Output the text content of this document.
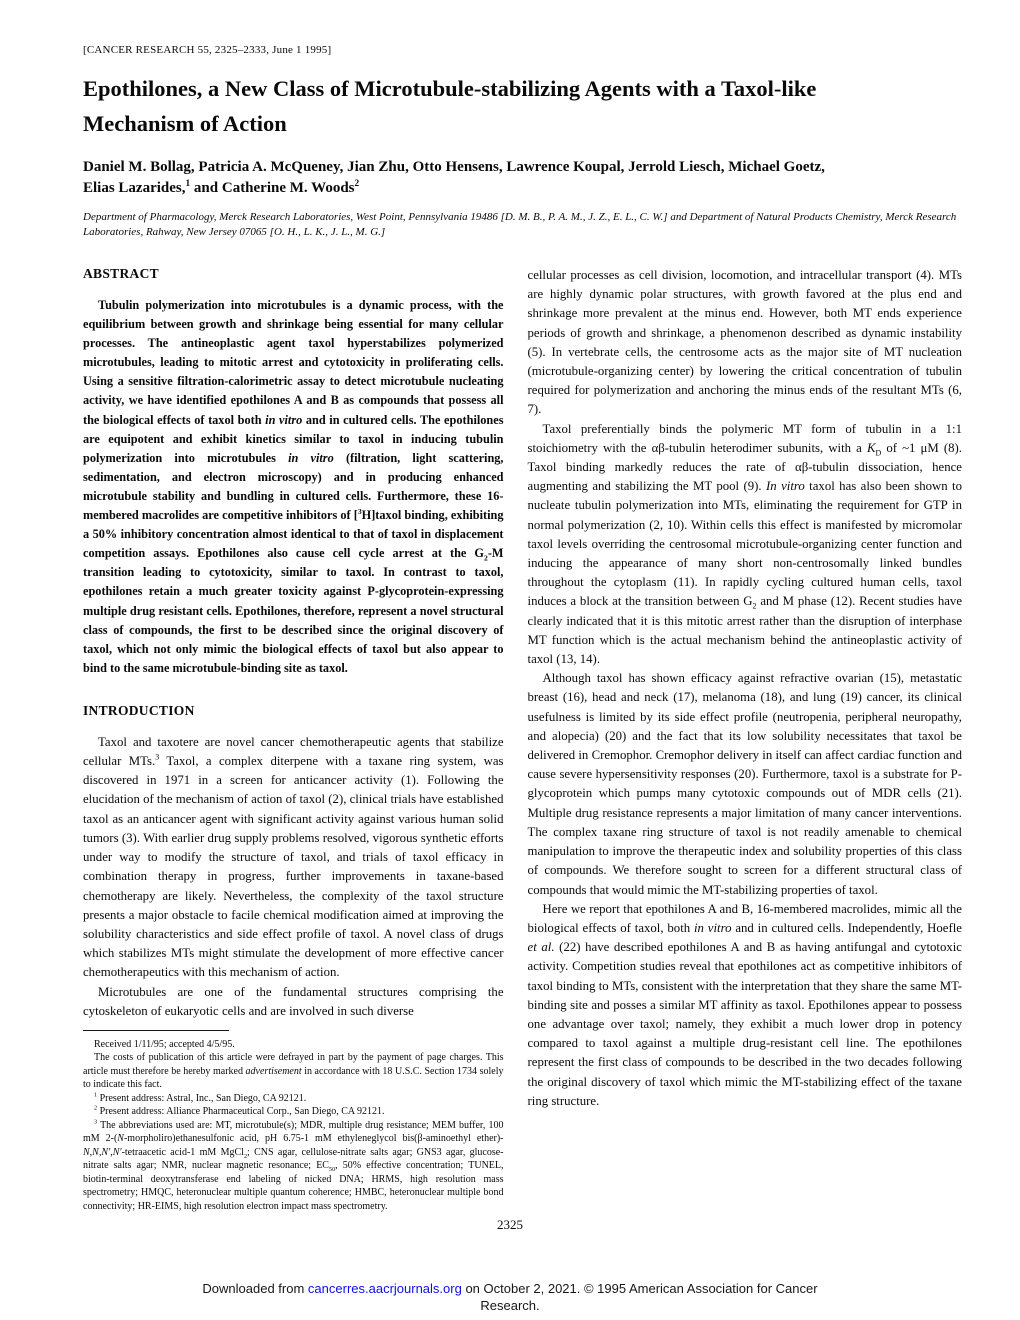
[CANCER RESEARCH 55, 2325–2333, June 1 1995]
Epothilones, a New Class of Microtubule-stabilizing Agents with a Taxol-like
Mechanism of Action
Daniel M. Bollag, Patricia A. McQueney, Jian Zhu, Otto Hensens, Lawrence Koupal, Jerrold Liesch, Michael Goetz,
Elias Lazarides,$^1$ and Catherine M. Woods$^2$
Department of Pharmacology, Merck Research Laboratories, West Point, Pennsylvania 19486 [D. M. B., P. A. M., J. Z., E. L., C. W.] and Department of Natural Products Chemistry, Merck Research Laboratories, Rahway, New Jersey 07065 [O. H., L. K., J. L., M. G.]
ABSTRACT

Tubulin polymerization into microtubules is a dynamic process, with the equilibrium between growth and shrinkage being essential for many cellular processes. The antineoplastic agent taxol hyperstabilizes polymerized microtubules, leading to mitotic arrest and cytotoxicity in proliferating cells. Using a sensitive filtration-calorimetric assay to detect microtubule nucleating activity, we have identified epothilones A and B as compounds that possess all the biological effects of taxol both in vitro and in cultured cells. The epothilones are equipotent and exhibit kinetics similar to taxol in inducing tubulin polymerization into microtubules in vitro (filtration, light scattering, sedimentation, and electron microscopy) and in producing enhanced microtubule stability and bundling in cultured cells. Furthermore, these 16-membered macrolides are competitive inhibitors of [$^3$H]taxol binding, exhibiting a 50% inhibitory concentration almost identical to that of taxol in displacement competition assays. Epothilones also cause cell cycle arrest at the $G_2-M$ transition leading to cytotoxicity, similar to taxol. In contrast to taxol, epothilones retain a much greater toxicity against P-glycoprotein-expressing multiple drug resistant cells. Epothilones, therefore, represent a novel structural class of compounds, the first to be described since the original discovery of taxol, which not only mimic the biological effects of taxol but also appear to bind to the same microtubule-binding site as taxol.

INTRODUCTION

Taxol and taxotere are novel cancer chemotherapeutic agents that stabilize cellular MTs.$^3$ Taxol, a complex diterpene with a taxane ring system, was discovered in 1971 in a screen for anticancer activity (1). Following the elucidation of the mechanism of action of taxol (2), clinical trials have established taxol as an anticancer agent with significant activity against various human solid tumors (3). With earlier drug supply problems resolved, vigorous synthetic efforts under way to modify the structure of taxol, and trials of taxol efficacy in combination therapy in progress, further improvements in taxane-based chemotherapy are likely. Nevertheless, the complexity of the taxol structure presents a major obstacle to facile chemical modification aimed at improving the solubility characteristics and side effect profile of taxol. A novel class of drugs which stabilizes MTs might stimulate the development of more effective cancer chemotherapeutics with this mechanism of action.

Microtubules are one of the fundamental structures comprising the cytoskeleton of eukaryotic cells and are involved in such diverse

Received 1/11/95; accepted 4/5/95.

The costs of publication of this article were defrayed in part by the payment of page charges. This article must therefore be hereby marked advertisement in accordance with 18 U.S.C. Section 1734 solely to indicate this fact.

$^1$ Present address: Astral, Inc., San Diego, CA 92121.

$^2$ Present address: Alliance Pharmaceutical Corp., San Diego, CA 92121.

$^3$ The abbreviations used are: MT, microtubule(s); MDR, multiple drug resistance; MEM buffer, 100 mM 2-(N-morpholiro)ethanesulfonic acid, pH 6.75-1 mM ethyleneglycol bis(β-aminoethyl ether)-N,N,N′,N′-tetraacetic acid-1 mM MgCl$_2$; CNS agar, cellulose-nitrate salts agar; GNS3 agar, glucose-nitrate salts agar; NMR, nuclear magnetic resonance; $EC_{50}$, 50% effective concentration; TUNEL, biotin-terminal deoxytransferase end labeling of nicked DNA; HRMS, high resolution mass spectrometry; HMQC, heteronuclear multiple quantum coherence; HMBC, heteronuclear multiple bond connectivity; HR-EIMS, high resolution electron impact mass spectrometry.

cellular processes as cell division, locomotion, and intracellular transport (4). MTs are highly dynamic polar structures, with growth favored at the plus end and shrinkage more prevalent at the minus end. However, both MT ends experience periods of growth and shrinkage, a phenomenon described as dynamic instability (5). In vertebrate cells, the centrosome acts as the major site of MT nucleation (microtubule-organizing center) by lowering the critical concentration of tubulin required for polymerization and anchoring the minus ends of the resultant MTs (6, 7).

Taxol preferentially binds the polymeric MT form of tubulin in a 1:1 stoichiometry with the αβ-tubulin heterodimer subunits, with a $K_D$ of ~1 μM (8). Taxol binding markedly reduces the rate of αβ-tubulin dissociation, hence augmenting and stabilizing the MT pool (9). In vitro taxol has also been shown to nucleate tubulin polymerization into MTs, eliminating the requirement for GTP in normal polymerization (2, 10). Within cells this effect is manifested by micromolar taxol levels overriding the centrosomal microtubule-organizing center function and inducing the appearance of many short non-centrosomally linked bundles throughout the cytoplasm (11). In rapidly cycling cultured human cells, taxol induces a block at the transition between $G_2$ and M phase (12). Recent studies have clearly indicated that it is this mitotic arrest rather than the disruption of interphase MT function which is the actual mechanism behind the antineoplastic activity of taxol (13, 14).

Although taxol has shown efficacy against refractive ovarian (15), metastatic breast (16), head and neck (17), melanoma (18), and lung (19) cancer, its clinical usefulness is limited by its side effect profile (neutropenia, peripheral neuropathy, and alopecia) (20) and the fact that its low solubility necessitates that taxol be delivered in Cremophor. Cremophor delivery in itself can affect cardiac function and cause severe hypersensitivity responses (20). Furthermore, taxol is a substrate for P-glycoprotein which pumps many cytotoxic compounds out of MDR cells (21). Multiple drug resistance represents a major limitation of many cancer interventions. The complex taxane ring structure of taxol is not readily amenable to chemical manipulation to improve the therapeutic index and solubility properties of this class of compounds. We therefore sought to screen for a different structural class of compounds that would mimic the MT-stabilizing properties of taxol.

Here we report that epothilones A and B, 16-membered macrolides, mimic all the biological effects of taxol, both in vitro and in cultured cells. Independently, Hoefle et al. (22) have described epothilones A and B as having antifungal and cytotoxic activity. Competition studies reveal that epothilones act as competitive inhibitors of taxol binding to MTs, consistent with the interpretation that they share the same MT-binding site and posses a similar MT affinity as taxol. Epothilones appear to possess one advantage over taxol; namely, they exhibit a much lower drop in potency compared to taxol against a multiple drug-resistant cell line. The epothilones represent the first class of compounds to be described in the two decades following the original discovery of taxol which mimic the MT-stabilizing effect of the taxane ring structure.

2325
Downloaded from cancerres.aacrjournals.org on October 2, 2021. © 1995 American Association for Cancer
Research.
